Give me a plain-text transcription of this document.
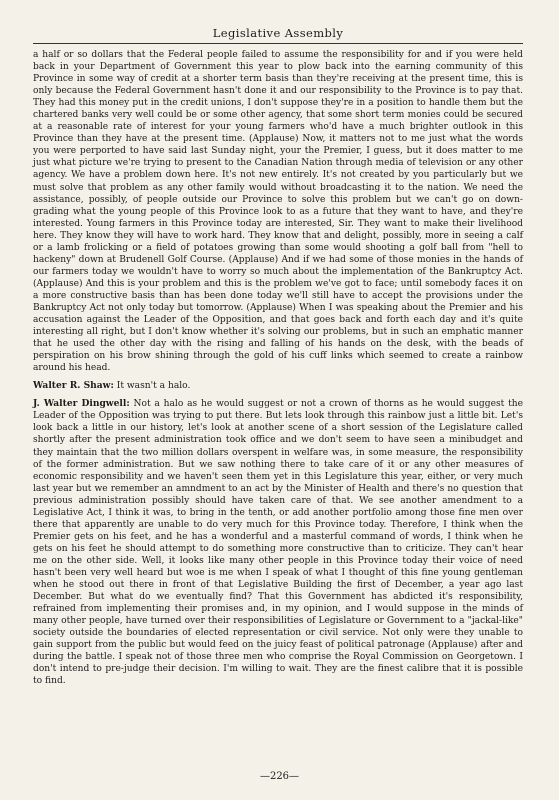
Legislative Assembly

a half or so dollars that the Federal people failed to assume the responsibility for and if you were held back in your Department of Government this year to plow back into the earning community of this Province in some way of credit at a shorter term basis than they're receiving at the present time, this is only because the Federal Government hasn't done it and our responsibility to the Province is to pay that. They had this money put in the credit unions, I don't suppose they're in a position to handle them but the chartered banks very well could be or some other agency, that some short term monies could be secured at a reasonable rate of interest for your young farmers who'd have a much brighter outlook in this Province than they have at the present time. (Applause) Now, it matters not to me just what the words you were perported to have said last Sunday night, your the Premier, I guess, but it does matter to me just what picture we're trying to present to the Canadian Nation through media of television or any other agency. We have a problem down here. It's not new entirely. It's not created by you particularly but we must solve that problem as any other family would without broadcasting it to the nation. We need the assistance, possibly, of people outside our Province to solve this problem but we can't go on down-grading what the young people of this Province look to as a future that they want to have, and they're interested. Young farmers in this Province today are interested, Sir. They want to make their livelihood here. They know they will have to work hard. They know that and delight, possibly, more in seeing a calf or a lamb frolicking or a field of potatoes growing than some would shooting a golf ball from "hell to hackeny" down at Brudenell Golf Course. (Applause) And if we had some of those monies in the hands of our farmers today we wouldn't have to worry so much about the implementation of the Bankruptcy Act. (Applause) And this is your problem and this is the problem we've got to face; until somebody faces it on a more constructive basis than has been done today we'll still have to accept the provisions under the Bankruptcy Act not only today but tomorrow. (Applause) When I was speaking about the Premier and his accusation against the Leader of the Opposition, and that goes back and forth each day and it's quite interesting all right, but I don't know whether it's solving our problems, but in such an emphatic manner that he used the other day with the rising and falling of his hands on the desk, with the beads of perspiration on his brow shining through the gold of his cuff links which seemed to create a rainbow around his head.

Walter R. Shaw: It wasn't a halo.

J. Walter Dingwell: Not a halo as he would suggest or not a crown of thorns as he would suggest the Leader of the Opposition was trying to put there. But lets look through this rainbow just a little bit. Let's look back a little in our history, let's look at another scene of a short session of the Legislature called shortly after the present administration took office and we don't seem to have seen a minibudget and they maintain that the two million dollars overspent in welfare was, in some measure, the responsibility of the former administration. But we saw nothing there to take care of it or any other measures of economic responsibility and we haven't seen them yet in this Legislature this year, either, or very much last year but we remember an amndment to an act by the Minister of Health and there's no question that previous administration possibly should have taken care of that. We see another amendment to a Legislative Act, I think it was, to bring in the tenth, or add another portfolio among those fine men over there that apparently are unable to do very much for this Province today. Therefore, I think when the Premier gets on his feet, and he has a wonderful and a masterful command of words, I think when he gets on his feet he should attempt to do something more constructive than to criticize. They can't hear me on the other side. Well, it looks like many other people in this Province today their voice of need hasn't been very well heard but woe is me when I speak of what I thought of this fine young gentleman when he stood out there in front of that Legislative Building the first of December, a year ago last December. But what do we eventually find? That this Government has abdicted it's responsibility, refrained from implementing their promises and, in my opinion, and I would suppose in the minds of many other people, have turned over their responsibilities of Legislature or Government to a "jackal-like" society outside the boundaries of elected representation or civil service. Not only were they unable to gain support from the public but would feed on the juicy feast of political patronage (Applause) after and during the battle. I speak not of those three men who comprise the Royal Commission on Georgetown. I don't intend to pre-judge their decision. I'm willing to wait. They are the finest calibre that it is possible to find.

—226—
